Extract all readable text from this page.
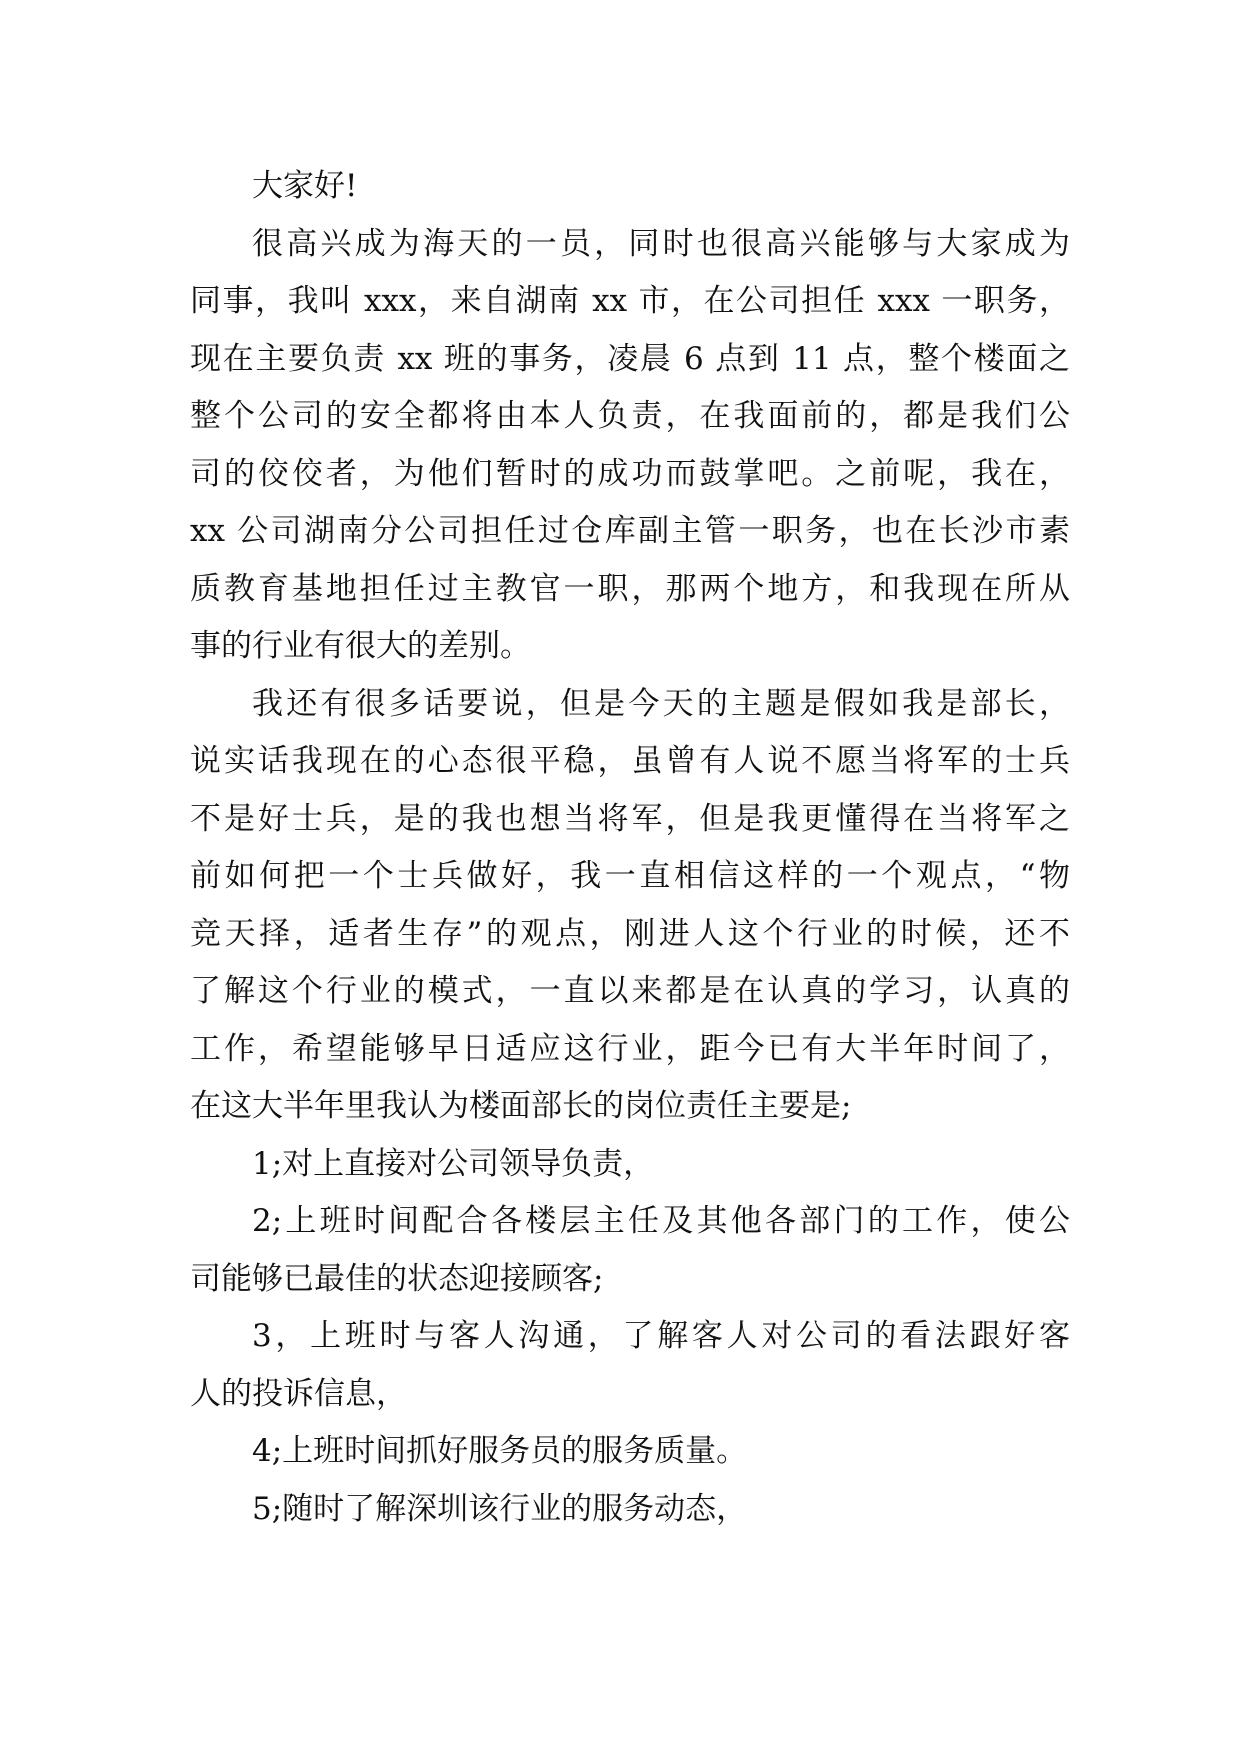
大家好!

很高兴成为海天的一员，同时也很高兴能够与大家成为
同事，我叫 xxx，来自湖南 xx 市，在公司担任 xxx 一职务，
现在主要负责 xx 班的事务，凌晨 6 点到 11 点，整个楼面之
整个公司的安全都将由本人负责，在我面前的，都是我们公
司的佼佼者，为他们暂时的成功而鼓掌吧。之前呢，我在，
xx 公司湖南分公司担任过仓库副主管一职务，也在长沙市素
质教育基地担任过主教官一职，那两个地方，和我现在所从
事的行业有很大的差别。

我还有很多话要说，但是今天的主题是假如我是部长，
说实话我现在的心态很平稳，虽曾有人说不愿当将军的士兵
不是好士兵，是的我也想当将军，但是我更懂得在当将军之
前如何把一个士兵做好，我一直相信这样的一个观点，“物
竞天择，适者生存”的观点，刚进人这个行业的时候，还不
了解这个行业的模式，一直以来都是在认真的学习，认真的
工作，希望能够早日适应这行业，距今已有大半年时间了，
在这大半年里我认为楼面部长的岗位责任主要是;

1;对上直接对公司领导负责，

2;上班时间配合各楼层主任及其他各部门的工作，使公
司能够已最佳的状态迎接顾客;

3，上班时与客人沟通，了解客人对公司的看法跟好客
人的投诉信息，

4;上班时间抓好服务员的服务质量。

5;随时了解深圳该行业的服务动态，
